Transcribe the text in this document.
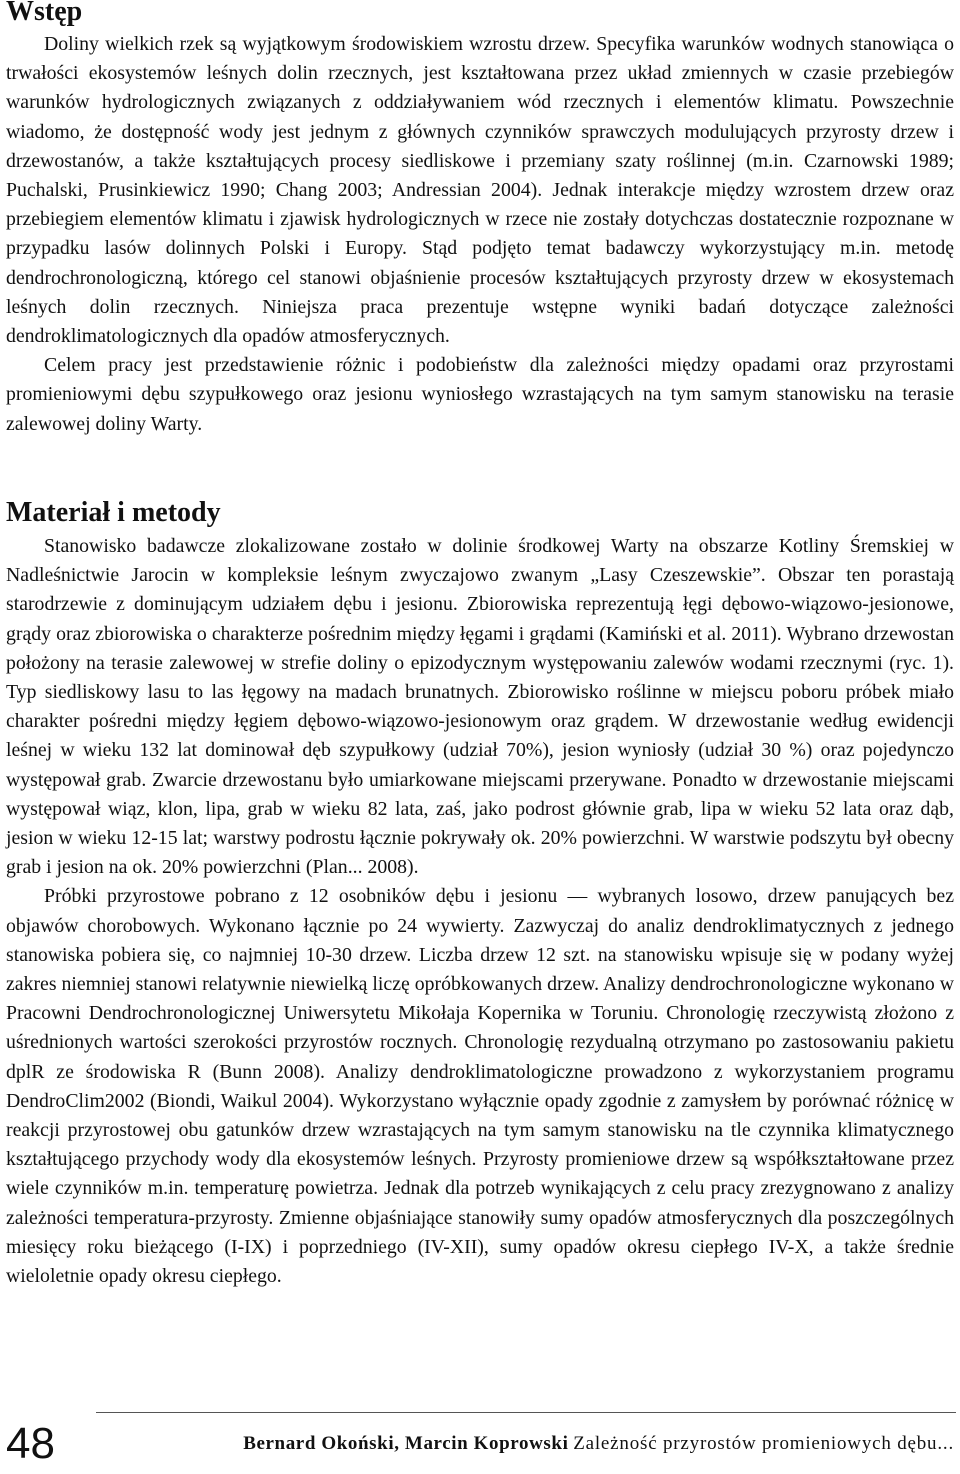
Wstęp

Doliny wielkich rzek są wyjątkowym środowiskiem wzrostu drzew. Specyfika warunków wodnych stanowiąca o trwałości ekosystemów leśnych dolin rzecznych, jest kształtowana przez układ zmiennych w czasie przebiegów warunków hydrologicznych związanych z oddziaływaniem wód rzecznych i elementów klimatu. Powszechnie wiadomo, że dostępność wody jest jednym z głównych czynników sprawczych modulujących przyrosty drzew i drzewostanów, a także kształtujących procesy siedliskowe i przemiany szaty roślinnej (m.in. Czarnowski 1989; Puchalski, Prusinkiewicz 1990; Chang 2003; Andressian 2004). Jednak interakcje między wzrostem drzew oraz przebiegiem elementów klimatu i zjawisk hydrologicznych w rzece nie zostały dotychczas dostatecznie rozpoznane w przypadku lasów dolinnych Polski i Europy. Stąd podjęto temat badawczy wykorzystujący m.in. metodę dendrochronologiczną, którego cel stanowi objaśnienie procesów kształtujących przyrosty drzew w ekosystemach leśnych dolin rzecznych. Niniejsza praca prezentuje wstępne wyniki badań dotyczące zależności dendroklimatologicznych dla opadów atmosferycznych.

Celem pracy jest przedstawienie różnic i podobieństw dla zależności między opadami oraz przyrostami promieniowymi dębu szypułkowego oraz jesionu wyniosłego wzrastających na tym samym stanowisku na terasie zalewowej doliny Warty.

Materiał i metody

Stanowisko badawcze zlokalizowane zostało w dolinie środkowej Warty na obszarze Kotliny Śremskiej w Nadleśnictwie Jarocin w kompleksie leśnym zwyczajowo zwanym „Lasy Czeszewskie”. Obszar ten porastają starodrzewie z dominującym udziałem dębu i jesionu. Zbiorowiska reprezentują łęgi dębowo-wiązowo-jesionowe, grądy oraz zbiorowiska o charakterze pośrednim między łęgami i grądami (Kamiński et al. 2011). Wybrano drzewostan położony na terasie zalewowej w strefie doliny o epizodycznym występowaniu zalewów wodami rzecznymi (ryc. 1). Typ siedliskowy lasu to las łęgowy na madach brunatnych. Zbiorowisko roślinne w miejscu poboru próbek miało charakter pośredni między łęgiem dębowo-wiązowo-jesionowym oraz grądem. W drzewostanie według ewidencji leśnej w wieku 132 lat dominował dęb szypułkowy (udział 70%), jesion wyniosły (udział 30 %) oraz pojedynczo występował grab. Zwarcie drzewostanu było umiarkowane miejscami przerywane. Ponadto w drzewostanie miejscami występował wiąz, klon, lipa, grab w wieku 82 lata, zaś, jako podrost głównie grab, lipa w wieku 52 lata oraz dąb, jesion w wieku 12-15 lat; warstwy podrostu łącznie pokrywały ok. 20% powierzchni. W warstwie podszytu był obecny grab i jesion na ok. 20% powierzchni (Plan... 2008).

Próbki przyrostowe pobrano z 12 osobników dębu i jesionu — wybranych losowo, drzew panujących bez objawów chorobowych. Wykonano łącznie po 24 wywierty. Zazwyczaj do analiz dendroklimatycznych z jednego stanowiska pobiera się, co najmniej 10-30 drzew. Liczba drzew 12 szt. na stanowisku wpisuje się w podany wyżej zakres niemniej stanowi relatywnie niewielką liczę opróbkowanych drzew. Analizy dendrochronologiczne wykonano w Pracowni Dendrochronologicznej Uniwersytetu Mikołaja Kopernika w Toruniu. Chronologię rzeczywistą złożono z uśrednionych wartości szerokości przyrostów rocznych. Chronologię rezydualną otrzymano po zastosowaniu pakietu dplR ze środowiska R (Bunn 2008). Analizy dendroklimatologiczne prowadzono z wykorzystaniem programu DendroClim2002 (Biondi, Waikul 2004). Wykorzystano wyłącznie opady zgodnie z zamysłem by porównać różnicę w reakcji przyrostowej obu gatunków drzew wzrastających na tym samym stanowisku na tle czynnika klimatycznego kształtującego przychody wody dla ekosystemów leśnych. Przyrosty promieniowe drzew są współkształtowane przez wiele czynników m.in. temperaturę powietrza. Jednak dla potrzeb wynikających z celu pracy zrezygnowano z analizy zależności temperatura-przyrosty. Zmienne objaśniające stanowiły sumy opadów atmosferycznych dla poszczególnych miesięcy roku bieżącego (I-IX) i poprzedniego (IV-XII), sumy opadów okresu ciepłego IV-X, a także średnie wieloletnie opady okresu ciepłego.

48	Bernard Okoński, Marcin Koprowski Zależność przyrostów promieniowych dębu...
